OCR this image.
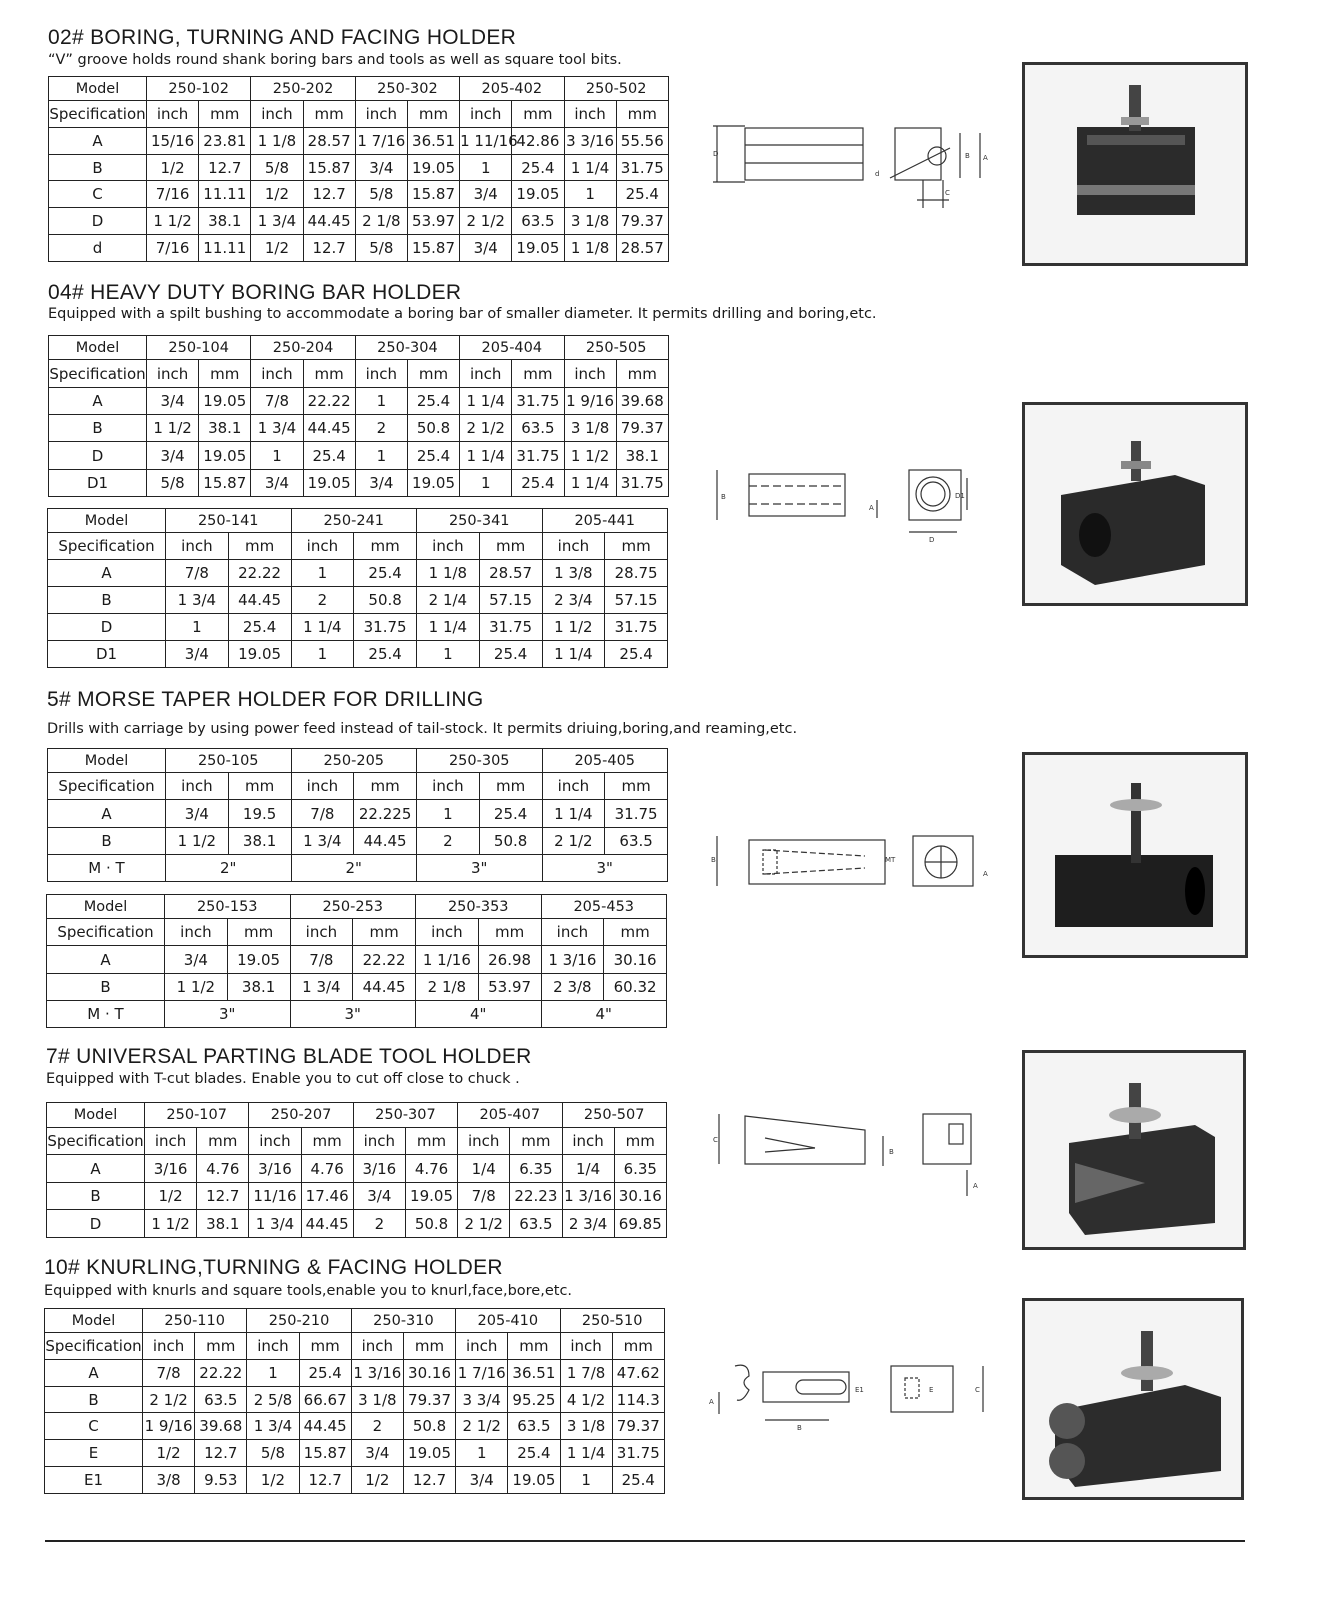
02# BORING, TURNING AND FACING HOLDER
“V” groove holds round shank boring bars and tools as well as square tool bits.
04# HEAVY DUTY BORING BAR HOLDER
Equipped with a spilt bushing to accommodate a boring bar of smaller diameter. It permits drilling and boring,etc.
5# MORSE TAPER HOLDER FOR DRILLING
Drills with carriage by using power feed instead of tail-stock. It permits driuing,boring,and reaming,etc.
7# UNIVERSAL PARTING BLADE TOOL HOLDER
Equipped with T-cut blades. Enable you to cut off close to chuck .
10# KNURLING,TURNING & FACING HOLDER
Equipped with knurls and square tools,enable you to knurl,face,bore,etc.
Model	250-102		250-202		250-302		205-402		250-502	
Specification	inch	mm	inch	mm	inch	mm	inch	mm	inch	mm
A	15/16	23.81	1 1/8	28.57	1 7/16	36.51	1 11/16	42.86	3 3/16	55.56
B	1/2	12.7	5/8	15.87	3/4	19.05	1	25.4	1 1/4	31.75
C	7/16	11.11	1/2	12.7	5/8	15.87	3/4	19.05	1	25.4
D	1 1/2	38.1	1 3/4	44.45	2 1/8	53.97	2 1/2	63.5	3 1/8	79.37
d	7/16	11.11	1/2	12.7	5/8	15.87	3/4	19.05	1 1/8	28.57
Model	250-104		250-204		250-304		205-404		250-505	
Specification	inch	mm	inch	mm	inch	mm	inch	mm	inch	mm
A	3/4	19.05	7/8	22.22	1	25.4	1 1/4	31.75	1 9/16	39.68
B	1 1/2	38.1	1 3/4	44.45	2	50.8	2 1/2	63.5	3 1/8	79.37
D	3/4	19.05	1	25.4	1	25.4	1 1/4	31.75	1 1/2	38.1
D1	5/8	15.87	3/4	19.05	3/4	19.05	1	25.4	1 1/4	31.75
Model	250-141		250-241		250-341		205-441	
Specification	inch	mm	inch	mm	inch	mm	inch	mm
A	7/8	22.22	1	25.4	1 1/8	28.57	1 3/8	28.75
B	1 3/4	44.45	2	50.8	2 1/4	57.15	2 3/4	57.15
D	1	25.4	1 1/4	31.75	1 1/4	31.75	1 1/2	31.75
D1	3/4	19.05	1	25.4	1	25.4	1 1/4	25.4
Model	250-105		250-205		250-305		205-405	
Specification	inch	mm	inch	mm	inch	mm	inch	mm
A	3/4	19.5	7/8	22.225	1	25.4	1 1/4	31.75
B	1 1/2	38.1	1 3/4	44.45	2	50.8	2 1/2	63.5
M · T	2"		2"		3"		3"	
Model	250-153		250-253		250-353		205-453	
Specification	inch	mm	inch	mm	inch	mm	inch	mm
A	3/4	19.05	7/8	22.22	1 1/16	26.98	1 3/16	30.16
B	1 1/2	38.1	1 3/4	44.45	2 1/8	53.97	2 3/8	60.32
M · T	3"		3"		4"		4"	
Model	250-107		250-207		250-307		205-407		250-507	
Specification	inch	mm	inch	mm	inch	mm	inch	mm	inch	mm
A	3/16	4.76	3/16	4.76	3/16	4.76	1/4	6.35	1/4	6.35
B	1/2	12.7	11/16	17.46	3/4	19.05	7/8	22.23	1 3/16	30.16
D	1 1/2	38.1	1 3/4	44.45	2	50.8	2 1/2	63.5	2 3/4	69.85
Model	250-110		250-210		250-310		205-410		250-510	
Specification	inch	mm	inch	mm	inch	mm	inch	mm	inch	mm
A	7/8	22.22	1	25.4	1 3/16	30.16	1 7/16	36.51	1 7/8	47.62
B	2 1/2	63.5	2 5/8	66.67	3 1/8	79.37	3 3/4	95.25	4 1/2	114.3
C	1 9/16	39.68	1 3/4	44.45	2	50.8	2 1/2	63.5	3 1/8	79.37
E	1/2	12.7	5/8	15.87	3/4	19.05	1	25.4	1 1/4	31.75
E1	3/8	9.53	1/2	12.7	1/2	12.7	3/4	19.05	1	25.4
D
d
B A
C
B
A
D
D1
B	MT
A
C
B
A
A
B
E1	E	C
